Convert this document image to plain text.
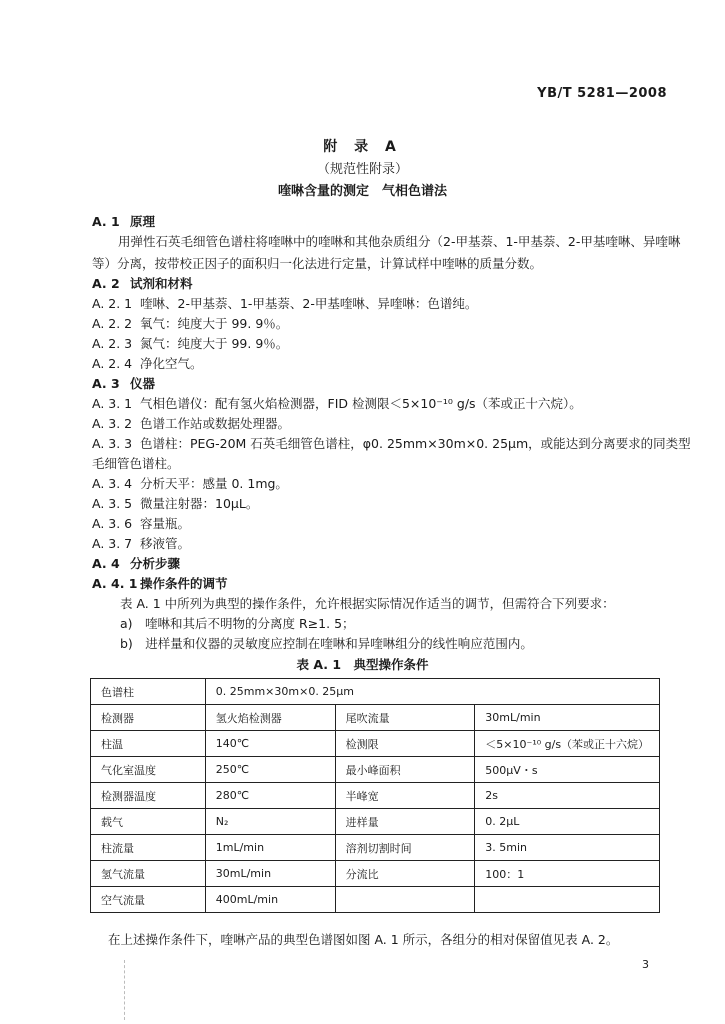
YB/T 5281—2008
附 录 A
（规范性附录）
喹啉含量的测定　气相色谱法
A. 1 原理
用弹性石英毛细管色谱柱将喹啉中的喹啉和其他杂质组分（2-甲基萘、1-甲基萘、2-甲基喹啉、异喹啉
等）分离，按带校正因子的面积归一化法进行定量，计算试样中喹啉的质量分数。
A. 2 试剂和材料
A. 2. 1 喹啉、2-甲基萘、1-甲基萘、2-甲基喹啉、异喹啉：色谱纯。
A. 2. 2 氧气：纯度大于 99. 9％。
A. 2. 3 氮气：纯度大于 99. 9％。
A. 2. 4 净化空气。
A. 3 仪器
A. 3. 1 气相色谱仪：配有氢火焰检测器，FID 检测限＜5×10⁻¹⁰ g/s（苯或正十六烷）。
A. 3. 2 色谱工作站或数据处理器。
A. 3. 3 色谱柱：PEG-20M 石英毛细管色谱柱，φ0. 25mm×30m×0. 25μm，或能达到分离要求的同类型
毛细管色谱柱。
A. 3. 4 分析天平：感量 0. 1mg。
A. 3. 5 微量注射器：10μL。
A. 3. 6 容量瓶。
A. 3. 7 移液管。
A. 4 分析步骤
A. 4. 1 操作条件的调节
表 A. 1 中所列为典型的操作条件，允许根据实际情况作适当的调节，但需符合下列要求：
a)　喹啉和其后不明物的分离度 R≥1. 5；
b)　进样量和仪器的灵敏度应控制在喹啉和异喹啉组分的线性响应范围内。
表 A. 1　典型操作条件
色谱柱	0. 25mm×30m×0. 25μm		
检测器	氢火焰检测器	尾吹流量	30mL/min
柱温	140℃	检测限	＜5×10⁻¹⁰ g/s（苯或正十六烷）
气化室温度	250℃	最小峰面积	500μV・s
检测器温度	280℃	半峰宽	2s
载气	N₂	进样量	0. 2μL
柱流量	1mL/min	溶剂切割时间	3. 5min
氢气流量	30mL/min	分流比	100：1
空气流量	400mL/min		
在上述操作条件下，喹啉产品的典型色谱图如图 A. 1 所示，各组分的相对保留值见表 A. 2。
3
